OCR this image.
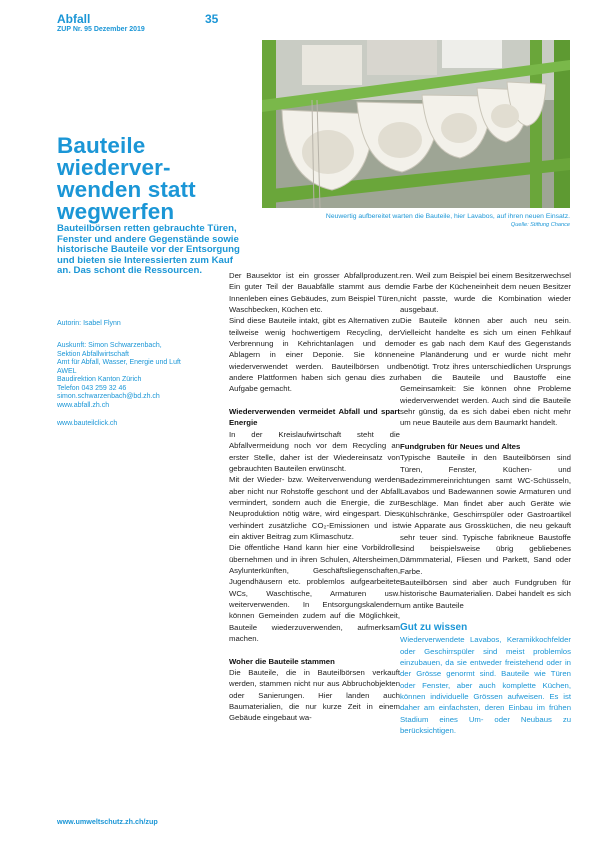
Abfall	35
ZUP Nr. 95 Dezember 2019
Neuwertig aufbereitet warten die Bauteile, hier Lavabos, auf ihren neuen Einsatz.
Quelle: Stiftung Chance
Bauteile wiederver-wenden statt wegwerfen
Bauteilbörsen retten gebrauchte Türen, Fenster und andere Gegenstände sowie historische Bauteile vor der Entsorgung und bieten sie Interessierten zum Kauf an. Das schont die Ressourcen.
Autorin: Isabel Flynn
Auskunft: Simon Schwarzenbach,
Sektion Abfallwirtschaft
Amt für Abfall, Wasser, Energie und Luft
AWEL
Baudirektion Kanton Zürich
Telefon 043 259 32 46
simon.schwarzenbach@bd.zh.ch
www.abfall.zh.ch
www.bauteilclick.ch
www.umweltschutz.zh.ch/zup

Der Bausektor ist ein grosser Abfallproduzent. Ein guter Teil der Bauabfälle stammt aus dem Innenleben eines Gebäudes, zum Beispiel Türen, Waschbecken, Küchen etc.

Sind diese Bauteile intakt, gibt es Alternativen zu teilweise wenig hochwertigem Recycling, der Verbrennung in Kehrichtanlagen und dem Ablagern in einer Deponie. Sie können wiederverwendet werden. Bauteilbörsen und andere Plattformen haben sich genau dies zur Aufgabe gemacht.

Wiederverwenden vermeidet Abfall und spart Energie

In der Kreislaufwirtschaft steht die Abfallvermeidung noch vor dem Recycling an erster Stelle, daher ist der Wiedereinsatz von gebrauchten Bauteilen erwünscht.

Mit der Wieder- bzw. Weiterverwendung werden aber nicht nur Rohstoffe geschont und der Abfall vermindert, sondern auch die Energie, die zur Neuproduktion nötig wäre, wird eingespart. Dies verhindert zusätzliche CO₂-Emissionen und ist ein aktiver Beitrag zum Klimaschutz.

Die öffentliche Hand kann hier eine Vorbildrolle übernehmen und in ihren Schulen, Altersheimen, Asylunterkünften, Geschäftsliegenschaften, Jugendhäusern etc. problemlos aufgearbeitete WCs, Waschtische, Armaturen usw. weiterverwenden. In Entsorgungskalendern können Gemeinden zudem auf die Möglichkeit, Bauteile wiederzuverwenden, aufmerksam machen.

Woher die Bauteile stammen

Die Bauteile, die in Bauteilbörsen verkauft werden, stammen nicht nur aus Abbruchobjekten oder Sanierungen. Hier landen auch Baumaterialien, die nur kurze Zeit in einem Gebäude eingebaut wa-

ren. Weil zum Beispiel bei einem Besitzerwechsel die Farbe der Kücheneinheit dem neuen Besitzer nicht passte, wurde die Kombination wieder ausgebaut.

Die Bauteile können aber auch neu sein. Vielleicht handelte es sich um einen Fehlkauf oder es gab nach dem Kauf des Gegenstands eine Planänderung und er wurde nicht mehr benötigt. Trotz ihres unterschiedlichen Ursprungs haben die Bauteile und Baustoffe eine Gemeinsamkeit: Sie können ohne Probleme wiederverwendet werden. Auch sind die Bauteile sehr günstig, da es sich dabei eben nicht mehr um neue Bauteile aus dem Baumarkt handelt.

Fundgruben für Neues und Altes

Typische Bauteile in den Bauteilbörsen sind Türen, Fenster, Küchen- und Badezimmereinrichtungen samt WC-Schüsseln, Lavabos und Badewannen sowie Armaturen und Beschläge. Man findet aber auch Geräte wie Kühlschränke, Geschirrspüler oder Gastroartikel wie Apparate aus Grossküchen, die neu gekauft sehr teuer sind. Typische fabrikneue Baustoffe sind beispielsweise übrig gebliebenes Dämmmaterial, Fliesen und Parkett, Sand oder Farbe.

Bauteilbörsen sind aber auch Fundgruben für historische Baumaterialien. Dabei handelt es sich um antike Bauteile

Gut zu wissen

Wiederverwendete Lavabos, Keramikkochfelder oder Geschirrspüler sind meist problemlos einzubauen, da sie entweder freistehend oder in der Grösse genormt sind. Bauteile wie Türen oder Fenster, aber auch komplette Küchen, können individuelle Grössen aufweisen. Es ist daher am einfachsten, deren Einbau im frühen Stadium eines Um- oder Neubaus zu berücksichtigen.
